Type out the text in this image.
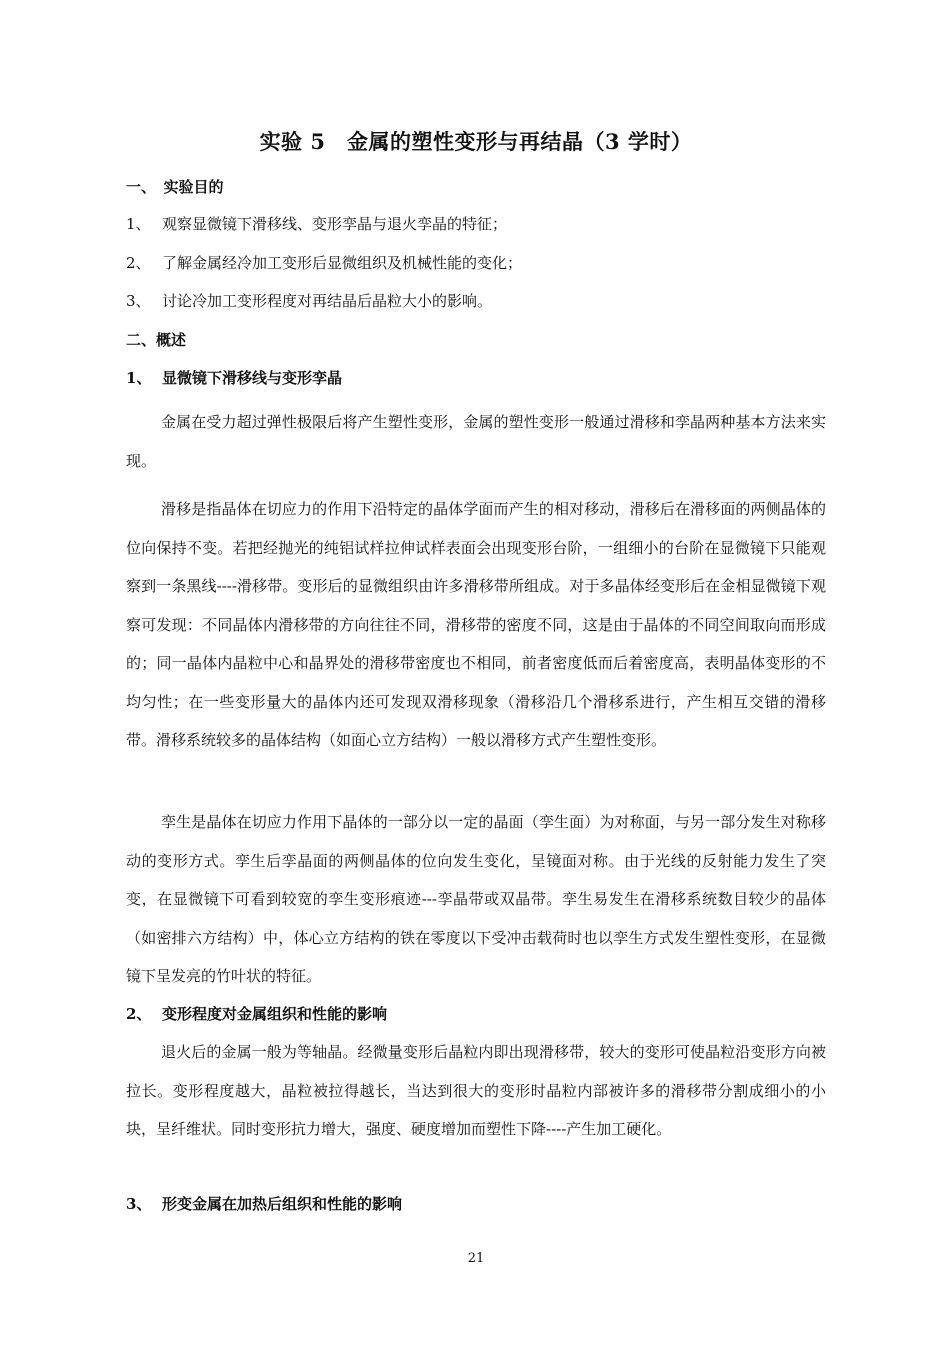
实验 5　金属的塑性变形与再结晶（3 学时）
一、　实验目的
1、 观察显微镜下滑移线、变形孪晶与退火孪晶的特征；
2、 了解金属经冷加工变形后显微组织及机械性能的变化；
3、 讨论冷加工变形程度对再结晶后晶粒大小的影响。
二、概述
1、 显微镜下滑移线与变形孪晶

金属在受力超过弹性极限后将产生塑性变形，金属的塑性变形一般通过滑移和孪晶两种基本方法来实现。

滑移是指晶体在切应力的作用下沿特定的晶体学面而产生的相对移动，滑移后在滑移面的两侧晶体的位向保持不变。若把经抛光的纯铝试样拉伸试样表面会出现变形台阶，一组细小的台阶在显微镜下只能观察到一条黑线----滑移带。变形后的显微组织由许多滑移带所组成。对于多晶体经变形后在金相显微镜下观察可发现：不同晶体内滑移带的方向往往不同，滑移带的密度不同，这是由于晶体的不同空间取向而形成的；同一晶体内晶粒中心和晶界处的滑移带密度也不相同，前者密度低而后着密度高，表明晶体变形的不均匀性；在一些变形量大的晶体内还可发现双滑移现象（滑移沿几个滑移系进行，产生相互交错的滑移带。滑移系统较多的晶体结构（如面心立方结构）一般以滑移方式产生塑性变形。

孪生是晶体在切应力作用下晶体的一部分以一定的晶面（孪生面）为对称面，与另一部分发生对称移动的变形方式。孪生后孪晶面的两侧晶体的位向发生变化，呈镜面对称。由于光线的反射能力发生了突变，在显微镜下可看到较宽的孪生变形痕迹---孪晶带或双晶带。孪生易发生在滑移系统数目较少的晶体（如密排六方结构）中，体心立方结构的铁在零度以下受冲击载荷时也以孪生方式发生塑性变形，在显微镜下呈发亮的竹叶状的特征。

2、 变形程度对金属组织和性能的影响

退火后的金属一般为等轴晶。经微量变形后晶粒内即出现滑移带，较大的变形可使晶粒沿变形方向被拉长。变形程度越大，晶粒被拉得越长，当达到很大的变形时晶粒内部被许多的滑移带分割成细小的小块，呈纤维状。同时变形抗力增大，强度、硬度增加而塑性下降----产生加工硬化。

3、 形变金属在加热后组织和性能的影响
21
